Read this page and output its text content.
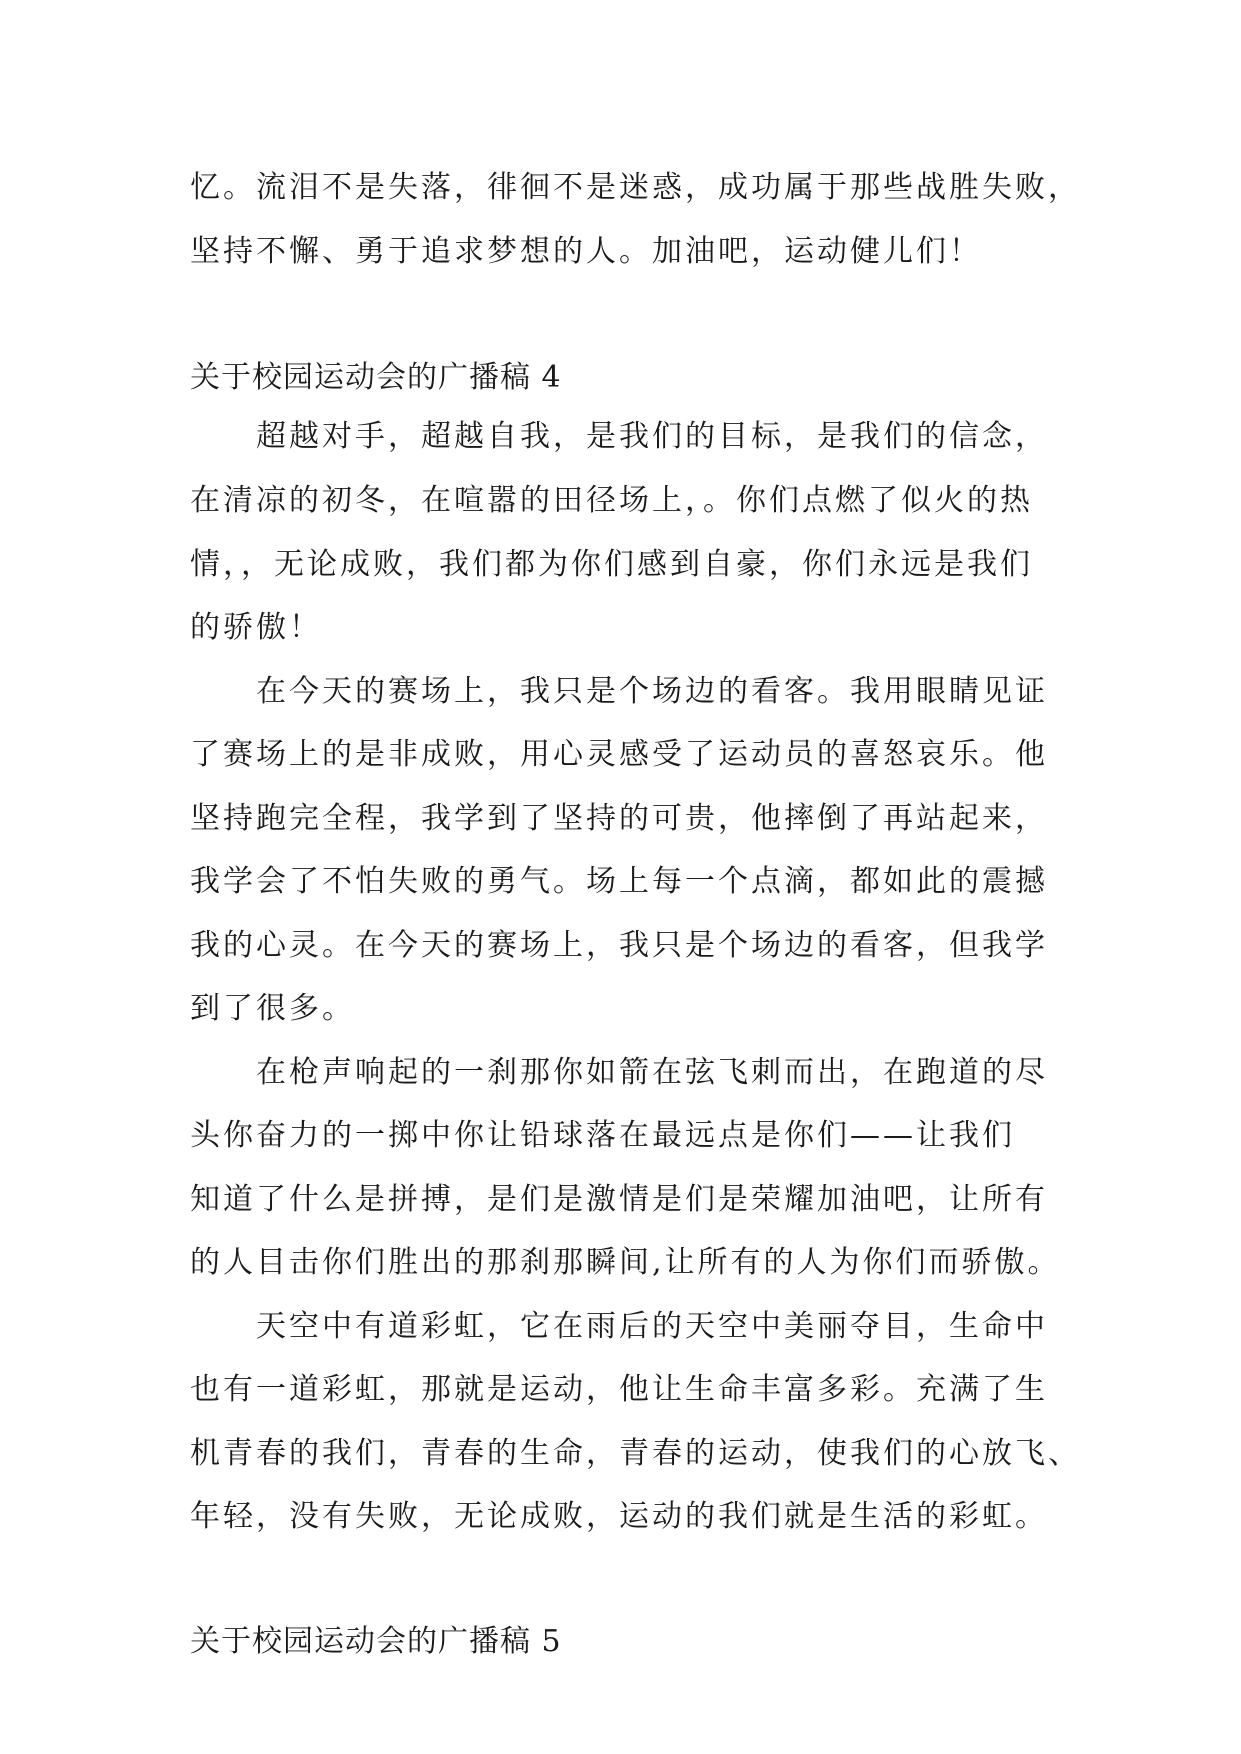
忆。流泪不是失落，徘徊不是迷惑，成功属于那些战胜失败，
坚持不懈、勇于追求梦想的人。加油吧，运动健儿们！
关于校园运动会的广播稿 4
超越对手，超越自我，是我们的目标，是我们的信念，
在清凉的初冬，在喧嚣的田径场上，。你们点燃了似火的热
情，，无论成败，我们都为你们感到自豪，你们永远是我们
的骄傲！
在今天的赛场上，我只是个场边的看客。我用眼睛见证
了赛场上的是非成败，用心灵感受了运动员的喜怒哀乐。他
坚持跑完全程，我学到了坚持的可贵，他摔倒了再站起来，
我学会了不怕失败的勇气。场上每一个点滴，都如此的震撼
我的心灵。在今天的赛场上，我只是个场边的看客，但我学
到了很多。
在枪声响起的一刹那你如箭在弦飞刺而出，在跑道的尽
头你奋力的一掷中你让铅球落在最远点是你们——让我们
知道了什么是拼搏，是们是激情是们是荣耀加油吧，让所有
的人目击你们胜出的那刹那瞬间,让所有的人为你们而骄傲。
天空中有道彩虹，它在雨后的天空中美丽夺目，生命中
也有一道彩虹，那就是运动，他让生命丰富多彩。充满了生
机青春的我们，青春的生命，青春的运动，使我们的心放飞、
年轻，没有失败，无论成败，运动的我们就是生活的彩虹。
关于校园运动会的广播稿 5
